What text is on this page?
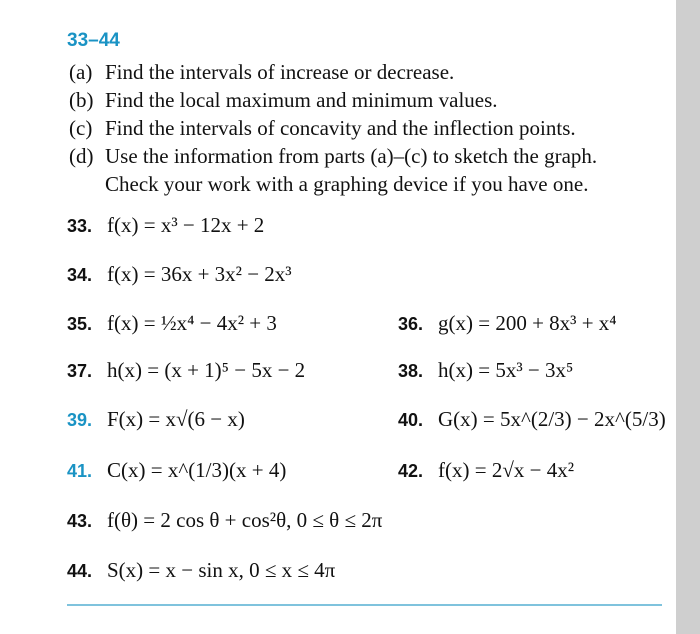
33–44
(a) Find the intervals of increase or decrease.
(b) Find the local maximum and minimum values.
(c) Find the intervals of concavity and the inflection points.
(d) Use the information from parts (a)–(c) to sketch the graph.
Check your work with a graphing device if you have one.
33. f(x) = x³ − 12x + 2
34. f(x) = 36x + 3x² − 2x³
35. f(x) = ½x⁴ − 4x² + 3	36. g(x) = 200 + 8x³ + x⁴
37. h(x) = (x + 1)⁵ − 5x − 2	38. h(x) = 5x³ − 3x⁵
39. F(x) = x√(6 − x)	40. G(x) = 5x^(2/3) − 2x^(5/3)
41. C(x) = x^(1/3)(x + 4)	42. f(x) = 2√x − 4x²
43. f(θ) = 2 cos θ + cos²θ, 0 ≤ θ ≤ 2π
44. S(x) = x − sin x, 0 ≤ x ≤ 4π
